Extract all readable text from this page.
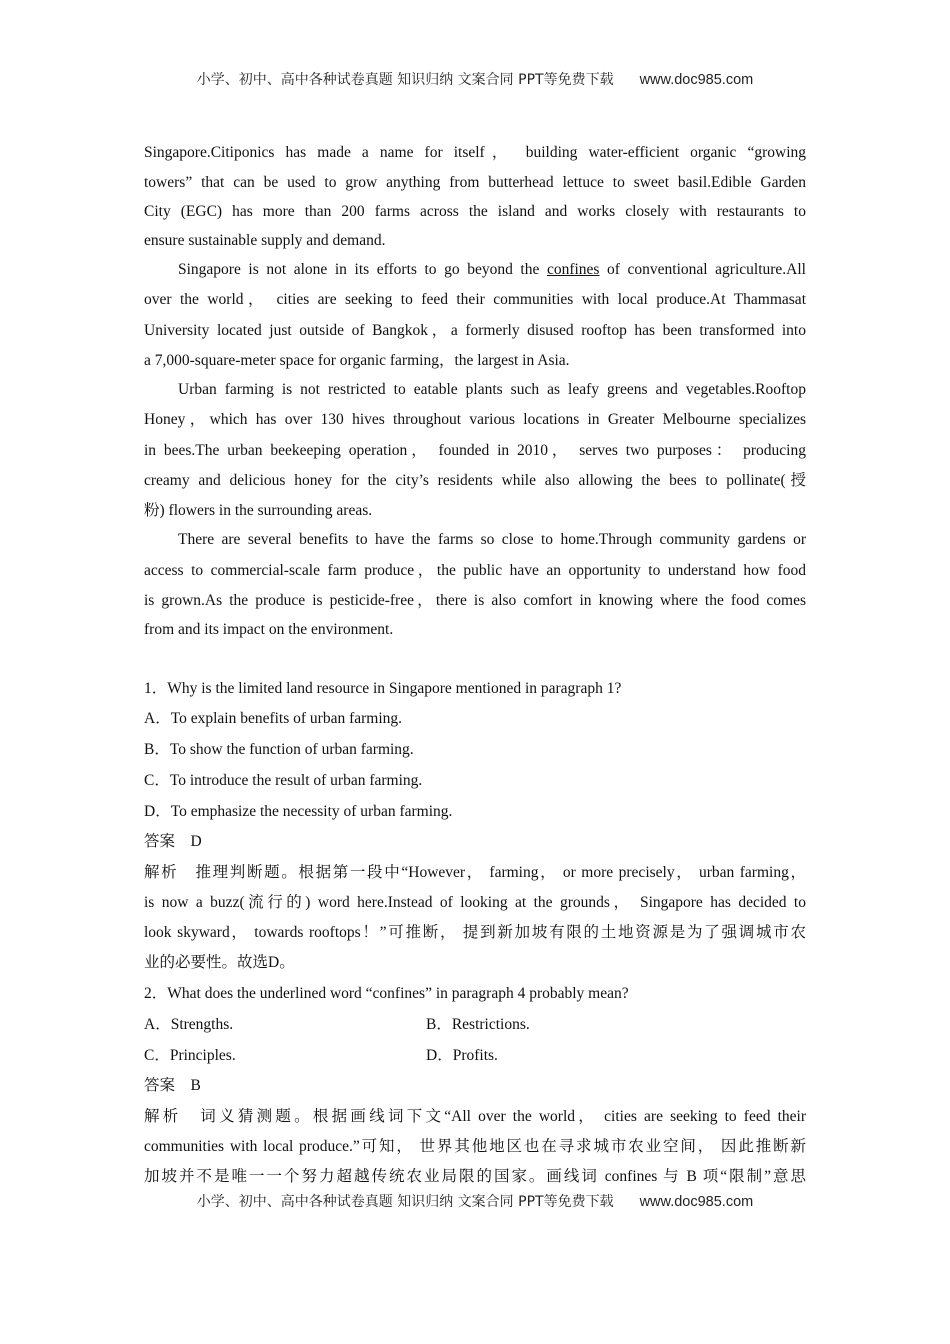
小学、初中、高中各种试卷真题 知识归纳 文案合同 PPT等免费下载 www.doc985.com
Singapore.Citiponics has made a name for itself， building water-efficient organic “growing
towers” that can be used to grow anything from butterhead lettuce to sweet basil.Edible Garden
City (EGC) has more than 200 farms across the island and works closely with restaurants to
ensure sustainable supply and demand.
Singapore is not alone in its efforts to go beyond the confines of conventional agriculture.All
over the world， cities are seeking to feed their communities with local produce.At Thammasat
University located just outside of Bangkok，a formerly disused rooftop has been transformed into
a 7,000-square-meter space for organic farming，the largest in Asia.
Urban farming is not restricted to eatable plants such as leafy greens and vegetables.Rooftop
Honey，which has over 130 hives throughout various locations in Greater Melbourne specializes
in bees.The urban beekeeping operation， founded in 2010， serves two purposes： producing
creamy and delicious honey for the city’s residents while also allowing the bees to pollinate(授
粉) flowers in the surrounding areas.
There are several benefits to have the farms so close to home.Through community gardens or
access to commercial-scale farm produce，the public have an opportunity to understand how food
is grown.As the produce is pesticide-free，there is also comfort in knowing where the food comes
from and its impact on the environment.
1．Why is the limited land resource in Singapore mentioned in paragraph 1?
A．To explain benefits of urban farming.
B．To show the function of urban farming.
C．To introduce the result of urban farming.
D．To emphasize the necessity of urban farming.
答案　D
解析　推理判断题。根据第一段中“However， farming， or more precisely， urban farming，
is now a buzz(流行的) word here.Instead of looking at the grounds， Singapore has decided to
look skyward， towards rooftops！”可推断， 提到新加坡有限的土地资源是为了强调城市农
业的必要性。故选D。
2．What does the underlined word “confines” in paragraph 4 probably mean?
A．Strengths.	B．Restrictions.
C．Principles.	D．Profits.
答案　B
解析　词义猜测题。根据画线词下文“All over the world， cities are seeking to feed their
communities with local produce.”可知， 世界其他地区也在寻求城市农业空间， 因此推断新
加坡并不是唯一一个努力超越传统农业局限的国家。画线词 confines 与 B 项“限制”意思
小学、初中、高中各种试卷真题 知识归纳 文案合同 PPT等免费下载 www.doc985.com
